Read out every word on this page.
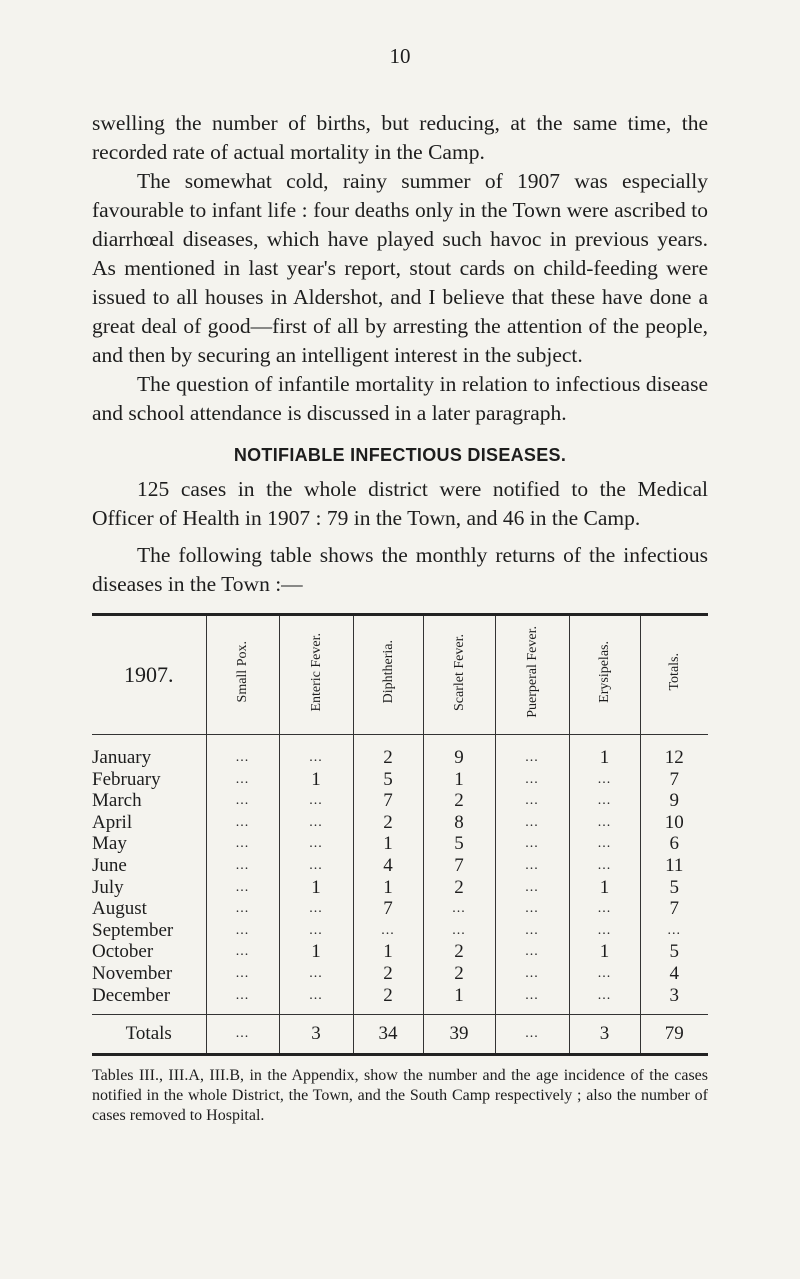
10

swelling the number of births, but reducing, at the same time, the recorded rate of actual mortality in the Camp.

The somewhat cold, rainy summer of 1907 was especially favourable to infant life : four deaths only in the Town were ascribed to diarrhœal diseases, which have played such havoc in previous years. As mentioned in last year's report, stout cards on child-feeding were issued to all houses in Aldershot, and I believe that these have done a great deal of good—first of all by arresting the attention of the people, and then by securing an intelligent interest in the subject.

The question of infantile mortality in relation to infectious disease and school attendance is discussed in a later paragraph.

NOTIFIABLE INFECTIOUS DISEASES.

125 cases in the whole district were notified to the Medical Officer of Health in 1907 : 79 in the Town, and 46 in the Camp.

The following table shows the monthly returns of the infectious diseases in the Town :—

1907.	Small Pox.	Enteric Fever.	Diphtheria.	Scarlet Fever.	Puerperal Fever.	Erysipelas.	Totals.
January	...	...	2	9	...	1	12
February	...	1	5	1	...	...	7
March	...	...	7	2	...	...	9
April	...	...	2	8	...	...	10
May	...	...	1	5	...	...	6
June	...	...	4	7	...	...	11
July	...	1	1	2	...	1	5
August	...	...	7	...	...	...	7
September	...	...	...	...	...	...	...
October	...	1	1	2	...	1	5
November	...	...	2	2	...	...	4
December	...	...	2	1	...	...	3
Totals	...	3	34	39	...	3	79
Tables III., III.A, III.B, in the Appendix, show the number and the age incidence of the cases notified in the whole District, the Town, and the South Camp respectively ; also the number of cases removed to Hospital.
